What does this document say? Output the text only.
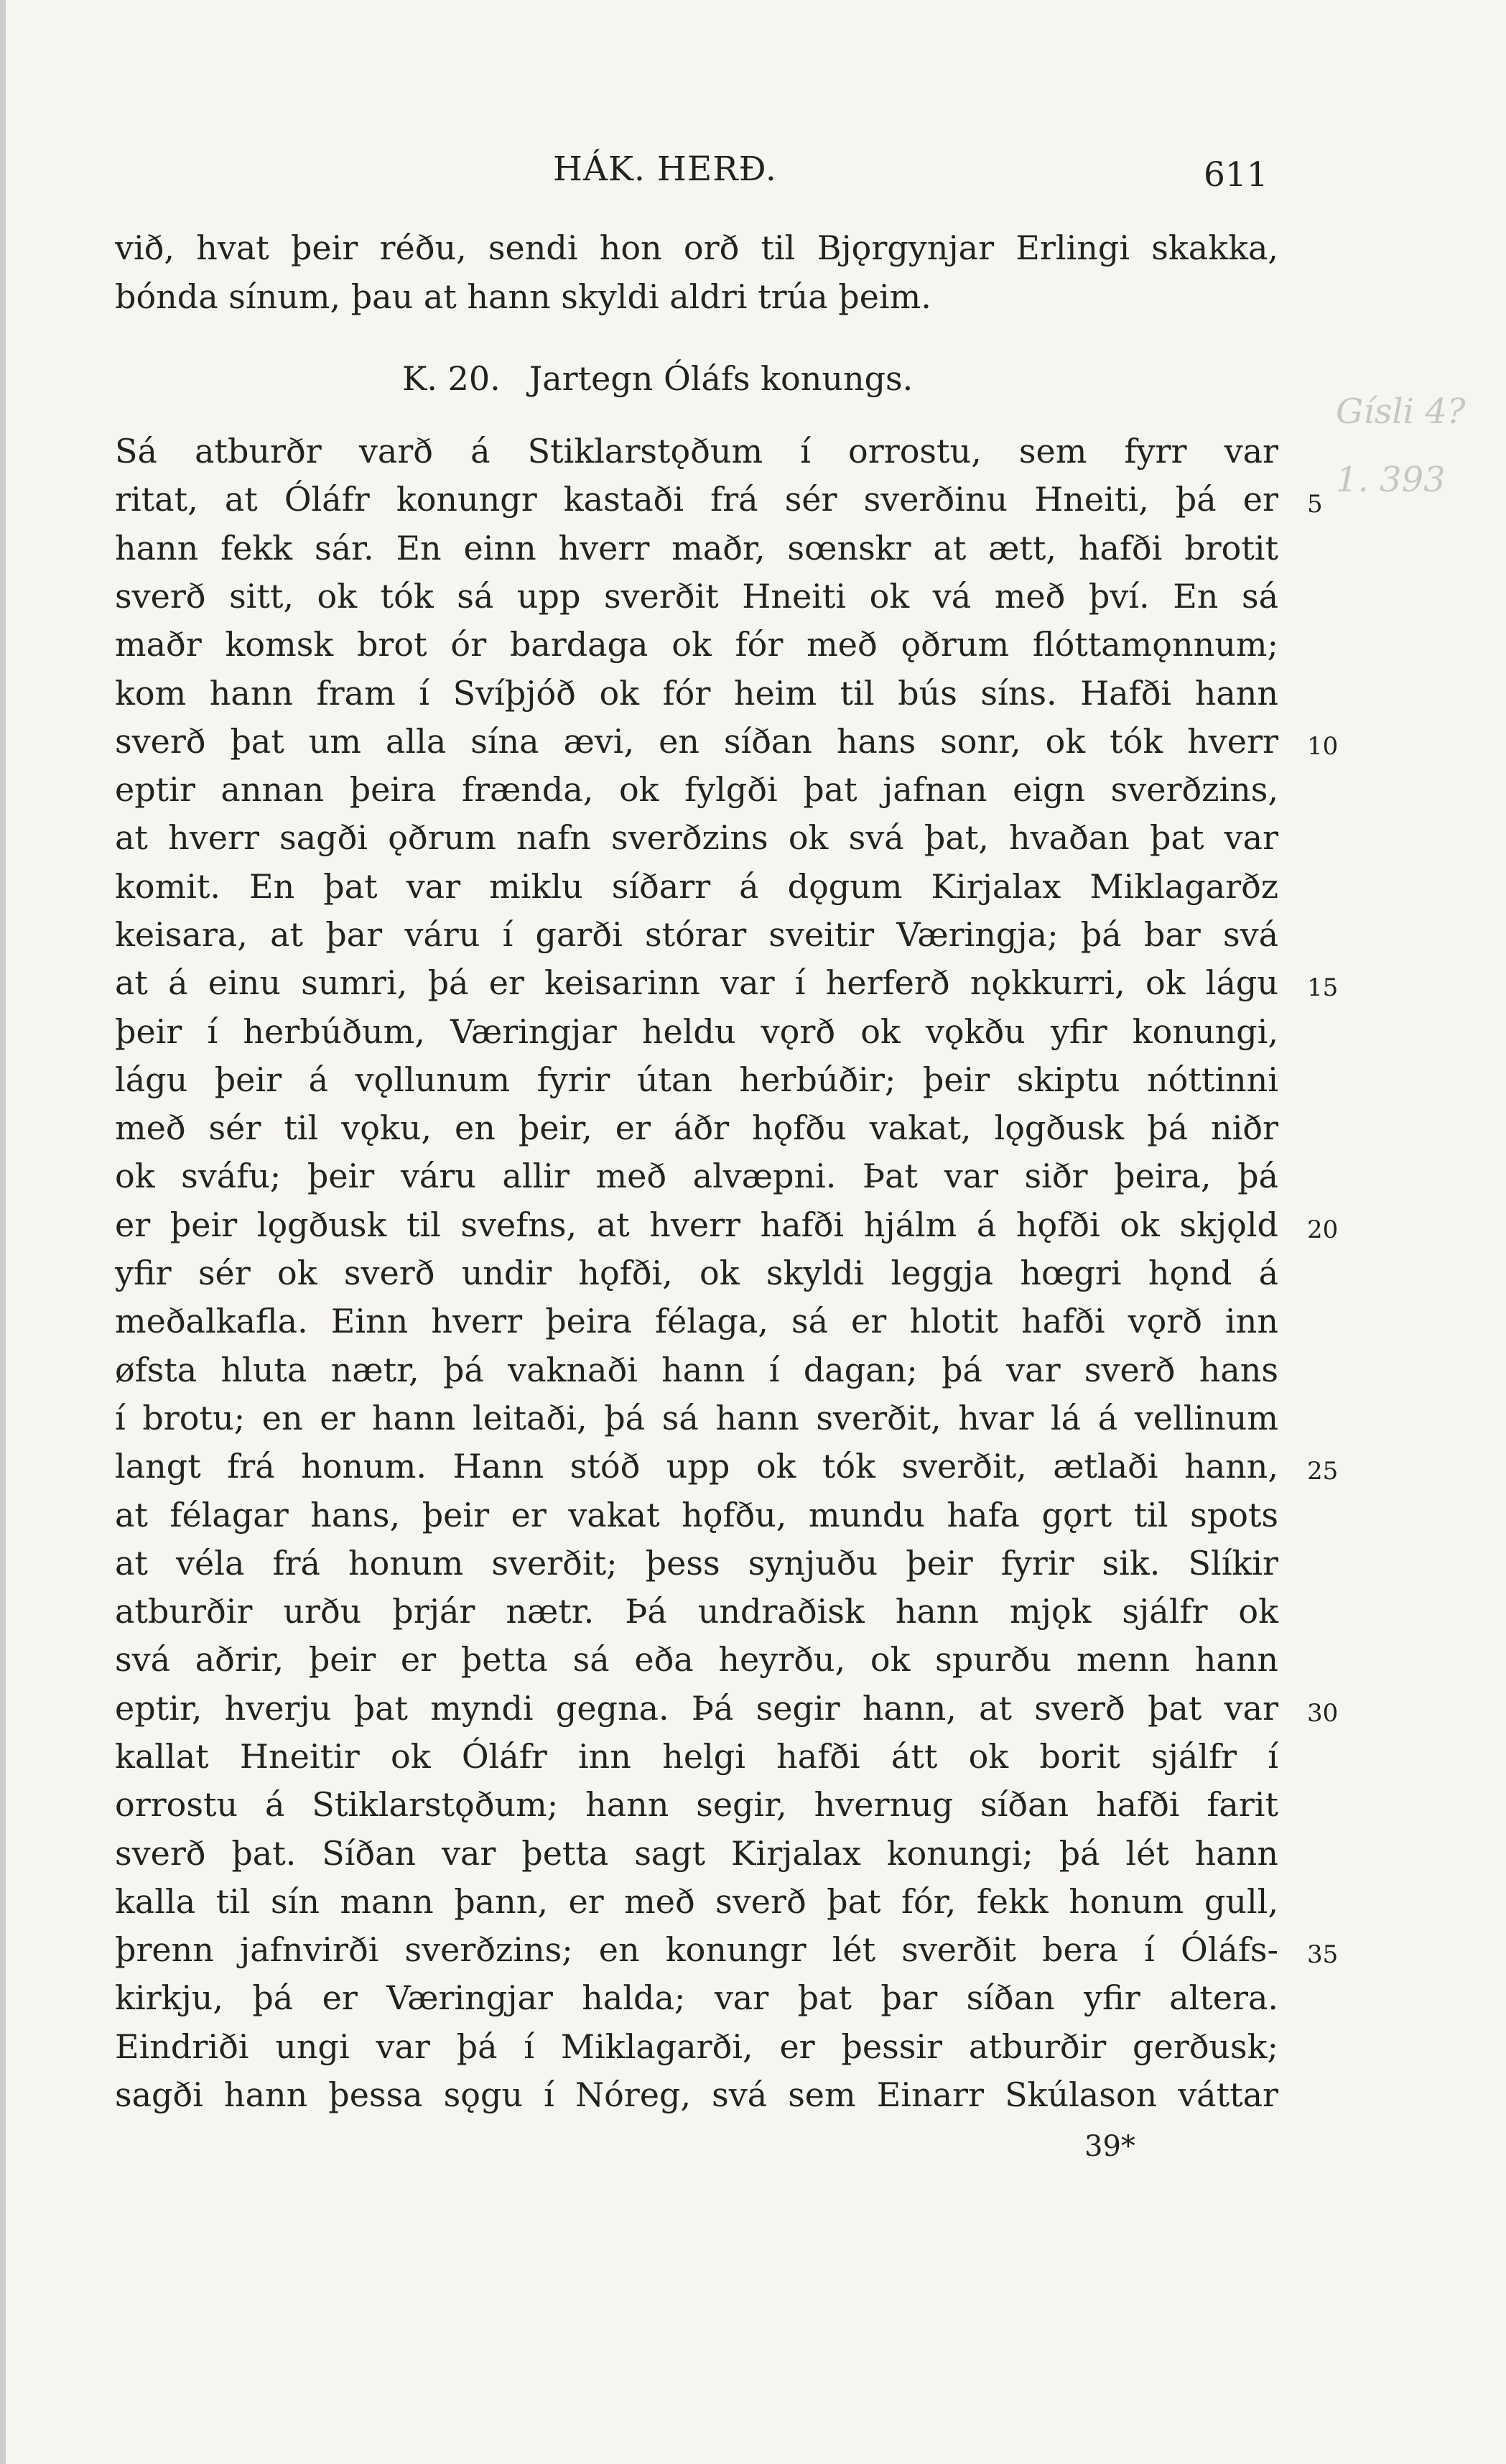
HÁK. HERÐ.	611
við, hvat þeir réðu, sendi hon orð til Bjǫrgynjar Erlingi skakka,
bónda sínum, þau at hann skyldi aldri trúa þeim.
K. 20. Jartegn Óláfs konungs.
Sá atburðr varð á Stiklarstǫðum í orrostu, sem fyrr var
ritat, at Óláfr konungr kastaði frá sér sverðinu Hneiti, þá er
hann fekk sár. En einn hverr maðr, sœnskr at ætt, hafði brotit
sverð sitt, ok tók sá upp sverðit Hneiti ok vá með því. En sá
maðr komsk brot ór bardaga ok fór með ǫðrum flóttamǫnnum;
kom hann fram í Svíþjóð ok fór heim til bús síns. Hafði hann
sverð þat um alla sína ævi, en síðan hans sonr, ok tók hverr
eptir annan þeira frænda, ok fylgði þat jafnan eign sverðzins,
at hverr sagði ǫðrum nafn sverðzins ok svá þat, hvaðan þat var
komit. En þat var miklu síðarr á dǫgum Kirjalax Miklagarðz
keisara, at þar váru í garði stórar sveitir Væringja; þá bar svá
at á einu sumri, þá er keisarinn var í herferð nǫkkurri, ok lágu
þeir í herbúðum, Væringjar heldu vǫrð ok vǫkðu yfir konungi,
lágu þeir á vǫllunum fyrir útan herbúðir; þeir skiptu nóttinni
með sér til vǫku, en þeir, er áðr hǫfðu vakat, lǫgðusk þá niðr
ok sváfu; þeir váru allir með alvæpni. Þat var siðr þeira, þá
er þeir lǫgðusk til svefns, at hverr hafði hjálm á hǫfði ok skjǫld
yfir sér ok sverð undir hǫfði, ok skyldi leggja hœgri hǫnd á
meðalkafla. Einn hverr þeira félaga, sá er hlotit hafði vǫrð inn
øfsta hluta nætr, þá vaknaði hann í dagan; þá var sverð hans
í brotu; en er hann leitaði, þá sá hann sverðit, hvar lá á vellinum
langt frá honum. Hann stóð upp ok tók sverðit, ætlaði hann,
at félagar hans, þeir er vakat hǫfðu, mundu hafa gǫrt til spots
at véla frá honum sverðit; þess synjuðu þeir fyrir sik. Slíkir
atburðir urðu þrjár nætr. Þá undraðisk hann mjǫk sjálfr ok
svá aðrir, þeir er þetta sá eða heyrðu, ok spurðu menn hann
eptir, hverju þat myndi gegna. Þá segir hann, at sverð þat var
kallat Hneitir ok Óláfr inn helgi hafði átt ok borit sjálfr í
orrostu á Stiklarstǫðum; hann segir, hvernug síðan hafði farit
sverð þat. Síðan var þetta sagt Kirjalax konungi; þá lét hann
kalla til sín mann þann, er með sverð þat fór, fekk honum gull,
þrenn jafnvirði sverðzins; en konungr lét sverðit bera í Óláfs-
kirkju, þá er Væringjar halda; var þat þar síðan yfir altera.
Eindriði ungi var þá í Miklagarði, er þessir atburðir gerðusk;
sagði hann þessa sǫgu í Nóreg, svá sem Einarr Skúlason váttar
5
10
15
20
25
30
35
Gísli 4?
1. 393
39*
